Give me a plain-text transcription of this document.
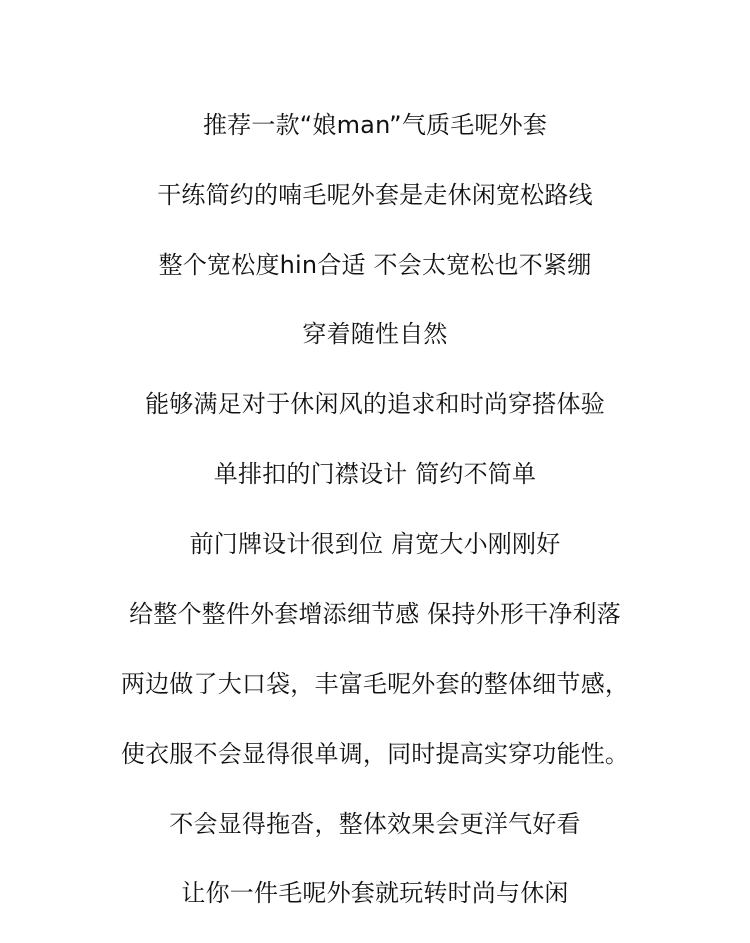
推荐一款“娘man”气质毛呢外套
干练简约的喃毛呢外套是走休闲宽松路线
整个宽松度hin合适 不会太宽松也不紧绷
穿着随性自然
能够满足对于休闲风的追求和时尚穿搭体验
单排扣的门襟设计 简约不简单
前门牌设计很到位 肩宽大小刚刚好
给整个整件外套增添细节感 保持外形干净利落
两边做了大口袋，丰富毛呢外套的整体细节感，
使衣服不会显得很单调，同时提高实穿功能性。
不会显得拖沓，整体效果会更洋气好看
让你一件毛呢外套就玩转时尚与休闲
